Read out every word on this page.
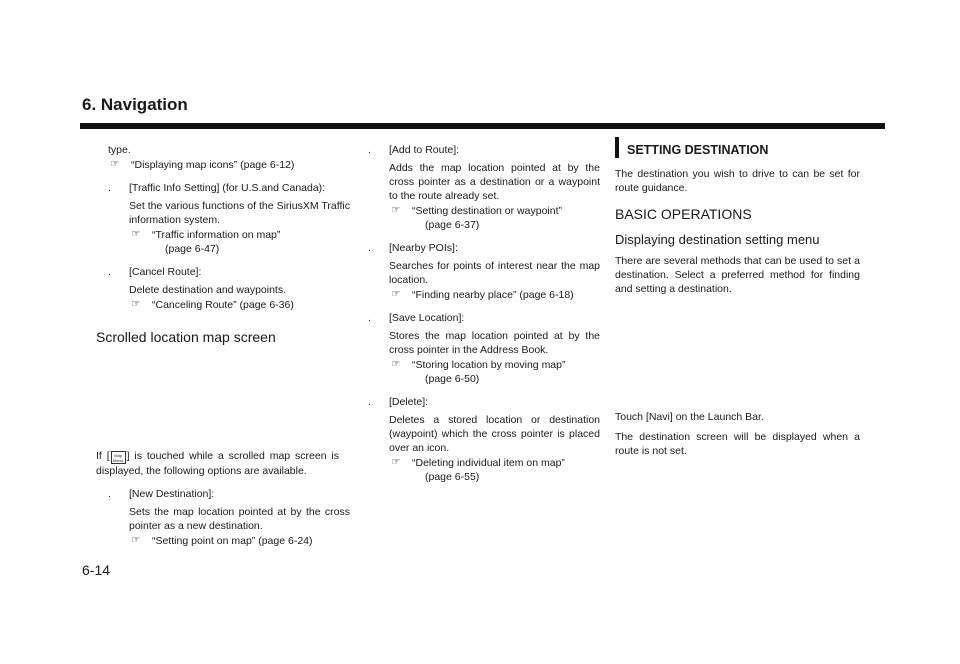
6. Navigation

type.

☞ “Displaying map icons” (page 6-12)
. [Traffic Info Setting] (for U.S.and Canada):

Set the various functions of the SiriusXM Traffic information system.

☞ “Traffic information on map”
(page 6-47)
. [Cancel Route]:

Delete destination and waypoints.

☞ “Canceling Route” (page 6-36)

Scrolled location map screen

If [ Map Menu ] is touched while a scrolled map screen is displayed, the following options are available.

. [New Destination]:

Sets the map location pointed at by the cross pointer as a new destination.

☞ “Setting point on map” (page 6-24)
. [Add to Route]:

Adds the map location pointed at by the cross pointer as a destination or a waypoint to the route already set.

☞ “Setting destination or waypoint”
(page 6-37)
. [Nearby POIs]:

Searches for points of interest near the map location.

☞ “Finding nearby place” (page 6-18)
. [Save Location]:

Stores the map location pointed at by the cross pointer in the Address Book.

☞ “Storing location by moving map”
(page 6-50)
. [Delete]:

Deletes a stored location or destination (waypoint) which the cross pointer is placed over an icon.

☞ “Deleting individual item on map”
(page 6-55)

SETTING DESTINATION

The destination you wish to drive to can be set for route guidance.

BASIC OPERATIONS

Displaying destination setting menu

There are several methods that can be used to set a destination. Select a preferred method for finding and setting a destination.

Touch [Navi] on the Launch Bar.

The destination screen will be displayed when a route is not set.

6-14
